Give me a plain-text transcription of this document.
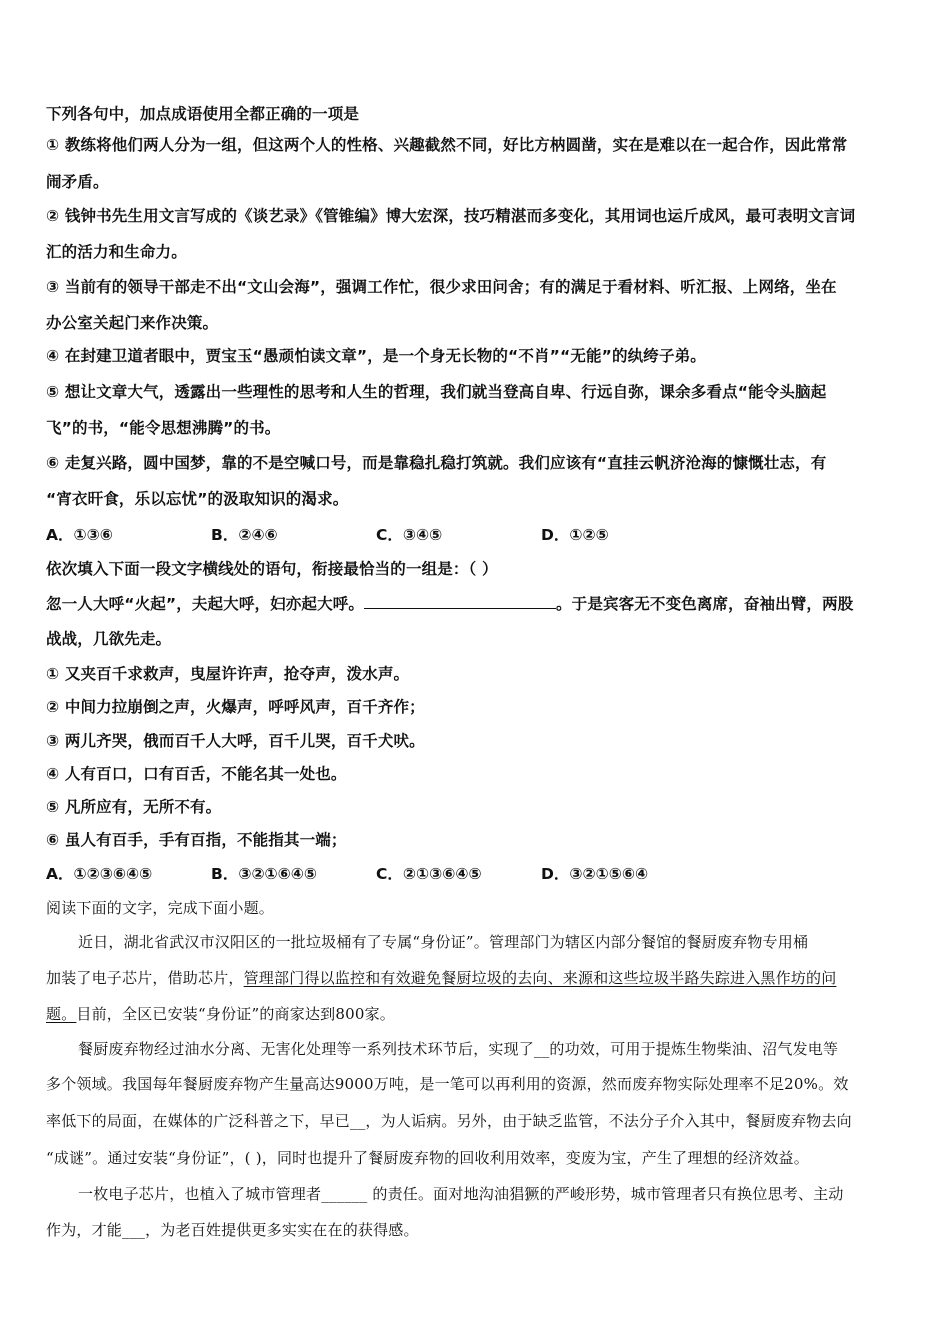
下列各句中，加点成语使用全都正确的一项是
① 教练将他们两人分为一组，但这两个人的性格、兴趣截然不同，好比方枘圆凿，实在是难以在一起合作，因此常常
闹矛盾。
② 钱钟书先生用文言写成的《谈艺录》《管锥编》博大宏深，技巧精湛而多变化，其用词也运斤成风，最可表明文言词
汇的活力和生命力。
③ 当前有的领导干部走不出“文山会海”，强调工作忙，很少求田问舍；有的满足于看材料、听汇报、上网络，坐在
办公室关起门来作决策。
④ 在封建卫道者眼中，贾宝玉“愚顽怕读文章”，是一个身无长物的“不肖”“无能”的纨绔子弟。
⑤ 想让文章大气，透露出一些理性的思考和人生的哲理，我们就当登高自卑、行远自弥，课余多看点“能令头脑起
飞”的书，“能令思想沸腾”的书。
⑥ 走复兴路，圆中国梦，靠的不是空喊口号，而是靠稳扎稳打筑就。我们应该有“直挂云帆济沧海的慷慨壮志，有
“宵衣旰食，乐以忘忧”的汲取知识的渴求。
A．①③⑥	B．②④⑥	C．③④⑤	D．①②⑤
依次填入下面一段文字横线处的语句，衔接最恰当的一组是：（ ）
忽一人大呼“火起”，夫起大呼，妇亦起大呼。	。于是宾客无不变色离席，奋袖出臂，两股
战战，几欲先走。
① 又夹百千求救声，曳屋许许声，抢夺声，泼水声。
② 中间力拉崩倒之声，火爆声，呼呼风声，百千齐作；
③ 两儿齐哭，俄而百千人大呼，百千儿哭，百千犬吠。
④ 人有百口，口有百舌，不能名其一处也。
⑤ 凡所应有，无所不有。
⑥ 虽人有百手，手有百指，不能指其一端；
A．①②③⑥④⑤	B．③②①⑥④⑤	C．②①③⑥④⑤	D．③②①⑤⑥④
阅读下面的文字，完成下面小题。
近日，湖北省武汉市汉阳区的一批垃圾桶有了专属“身份证”。管理部门为辖区内部分餐馆的餐厨废弃物专用桶
加装了电子芯片，借助芯片，管理部门得以监控和有效避免餐厨垃圾的去向、来源和这些垃圾半路失踪进入黑作坊的问
题。目前，全区已安装“身份证”的商家达到800家。
餐厨废弃物经过油水分离、无害化处理等一系列技术环节后，实现了__的功效，可用于提炼生物柴油、沼气发电等
多个领域。我国每年餐厨废弃物产生量高达9000万吨，是一笔可以再利用的资源，然而废弃物实际处理率不足20%。效
率低下的局面，在媒体的广泛科普之下，早已__，为人诟病。另外，由于缺乏监管，不法分子介入其中，餐厨废弃物去向
“成谜”。通过安装“身份证”，( )，同时也提升了餐厨废弃物的回收利用效率，变废为宝，产生了理想的经济效益。
一枚电子芯片，也植入了城市管理者______ 的责任。面对地沟油猖獗的严峻形势，城市管理者只有换位思考、主动
作为，才能___，为老百姓提供更多实实在在的获得感。
